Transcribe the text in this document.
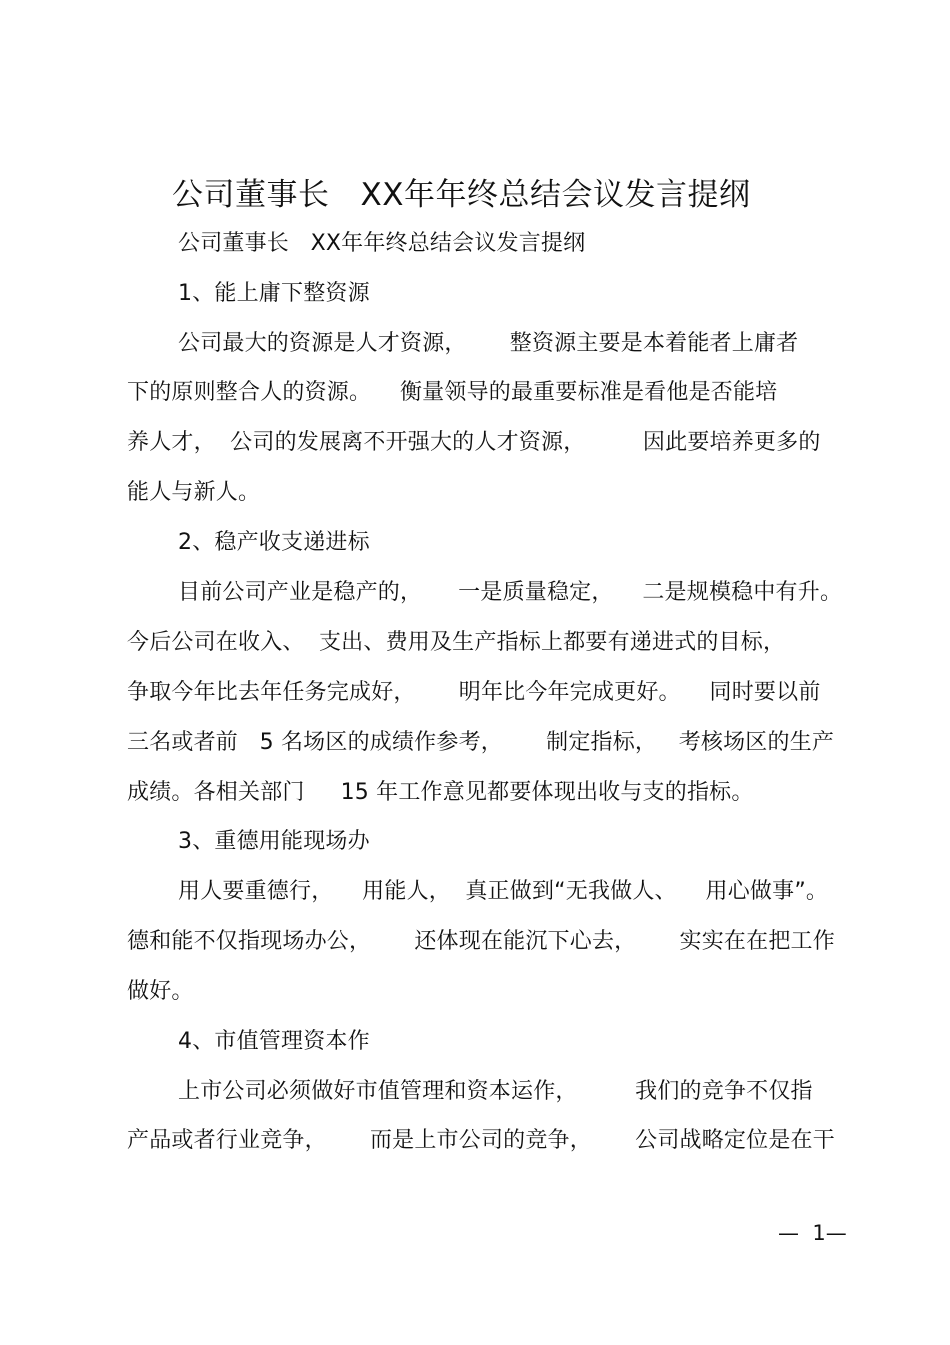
公司董事长   XX年年终总结会议发言提纲
公司董事长   XX年年终总结会议发言提纲
1、能上庸下整资源
公司最大的资源是人才资源，      整资源主要是本着能者上庸者
下的原则整合人的资源。    衡量领导的最重要标准是看他是否能培
养人才，  公司的发展离不开强大的人才资源，        因此要培养更多的
能人与新人。
2、稳产收支递进标
目前公司产业是稳产的，     一是质量稳定，    二是规模稳中有升。
今后公司在收入、  支出、费用及生产指标上都要有递进式的目标，
争取今年比去年任务完成好，      明年比今年完成更好。    同时要以前
三名或者前   5 名场区的成绩作参考，      制定指标，   考核场区的生产
成绩。各相关部门     15 年工作意见都要体现出收与支的指标。
3、重德用能现场办
用人要重德行，    用能人，  真正做到“无我做人、    用心做事”。
德和能不仅指现场办公，      还体现在能沉下心去，      实实在在把工作
做好。
4、市值管理资本作
上市公司必须做好市值管理和资本运作，        我们的竞争不仅指
产品或者行业竞争，      而是上市公司的竞争，      公司战略定位是在干
—  1—
